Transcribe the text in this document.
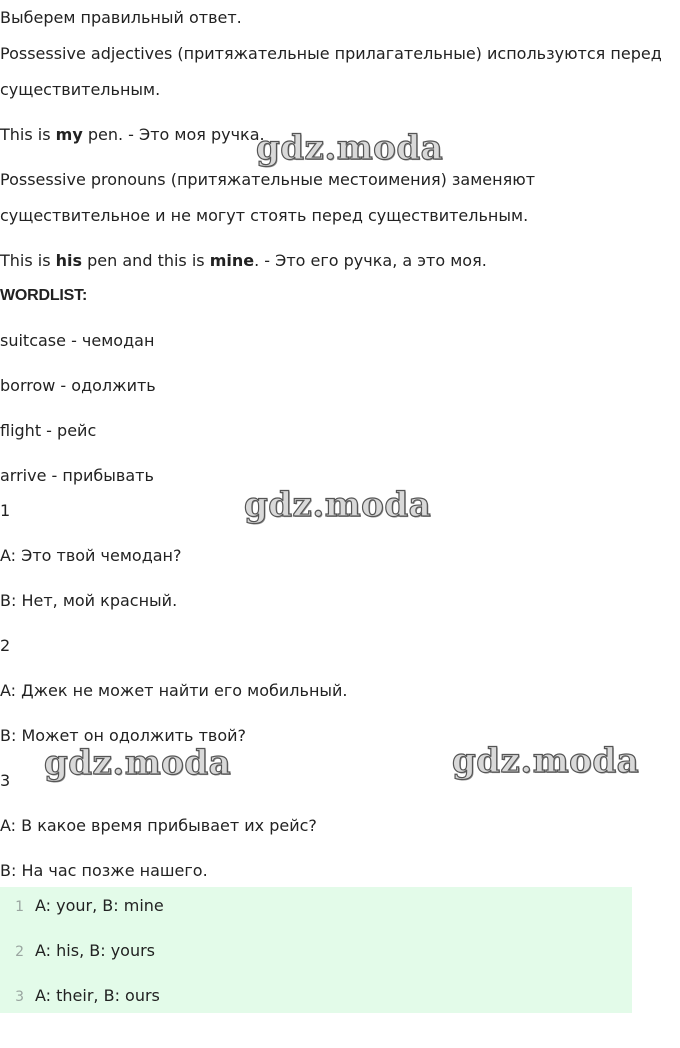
Выберем правильный ответ.
Possessive adjectives (притяжательные прилагательные) используются перед
существительным.
This is my pen. - Это моя ручка.
Possessive pronouns (притяжательные местоимения) заменяют
существительное и не могут стоять перед существительным.
This is his pen and this is mine. - Это его ручка, а это моя.
WORDLIST:
suitcase - чемодан
borrow - одолжить
flight - рейс
arrive - прибывать
1
A: Это твой чемодан?
B: Нет, мой красный.
2
A: Джек не может найти его мобильный.
B: Может он одолжить твой?
3
A: В какое время прибывает их рейс?
B: На час позже нашего.
1 A: your, B: mine
2 A: his, B: yours
3 A: their, B: ours
gdz.moda
gdz.moda
gdz.moda	gdz.moda
